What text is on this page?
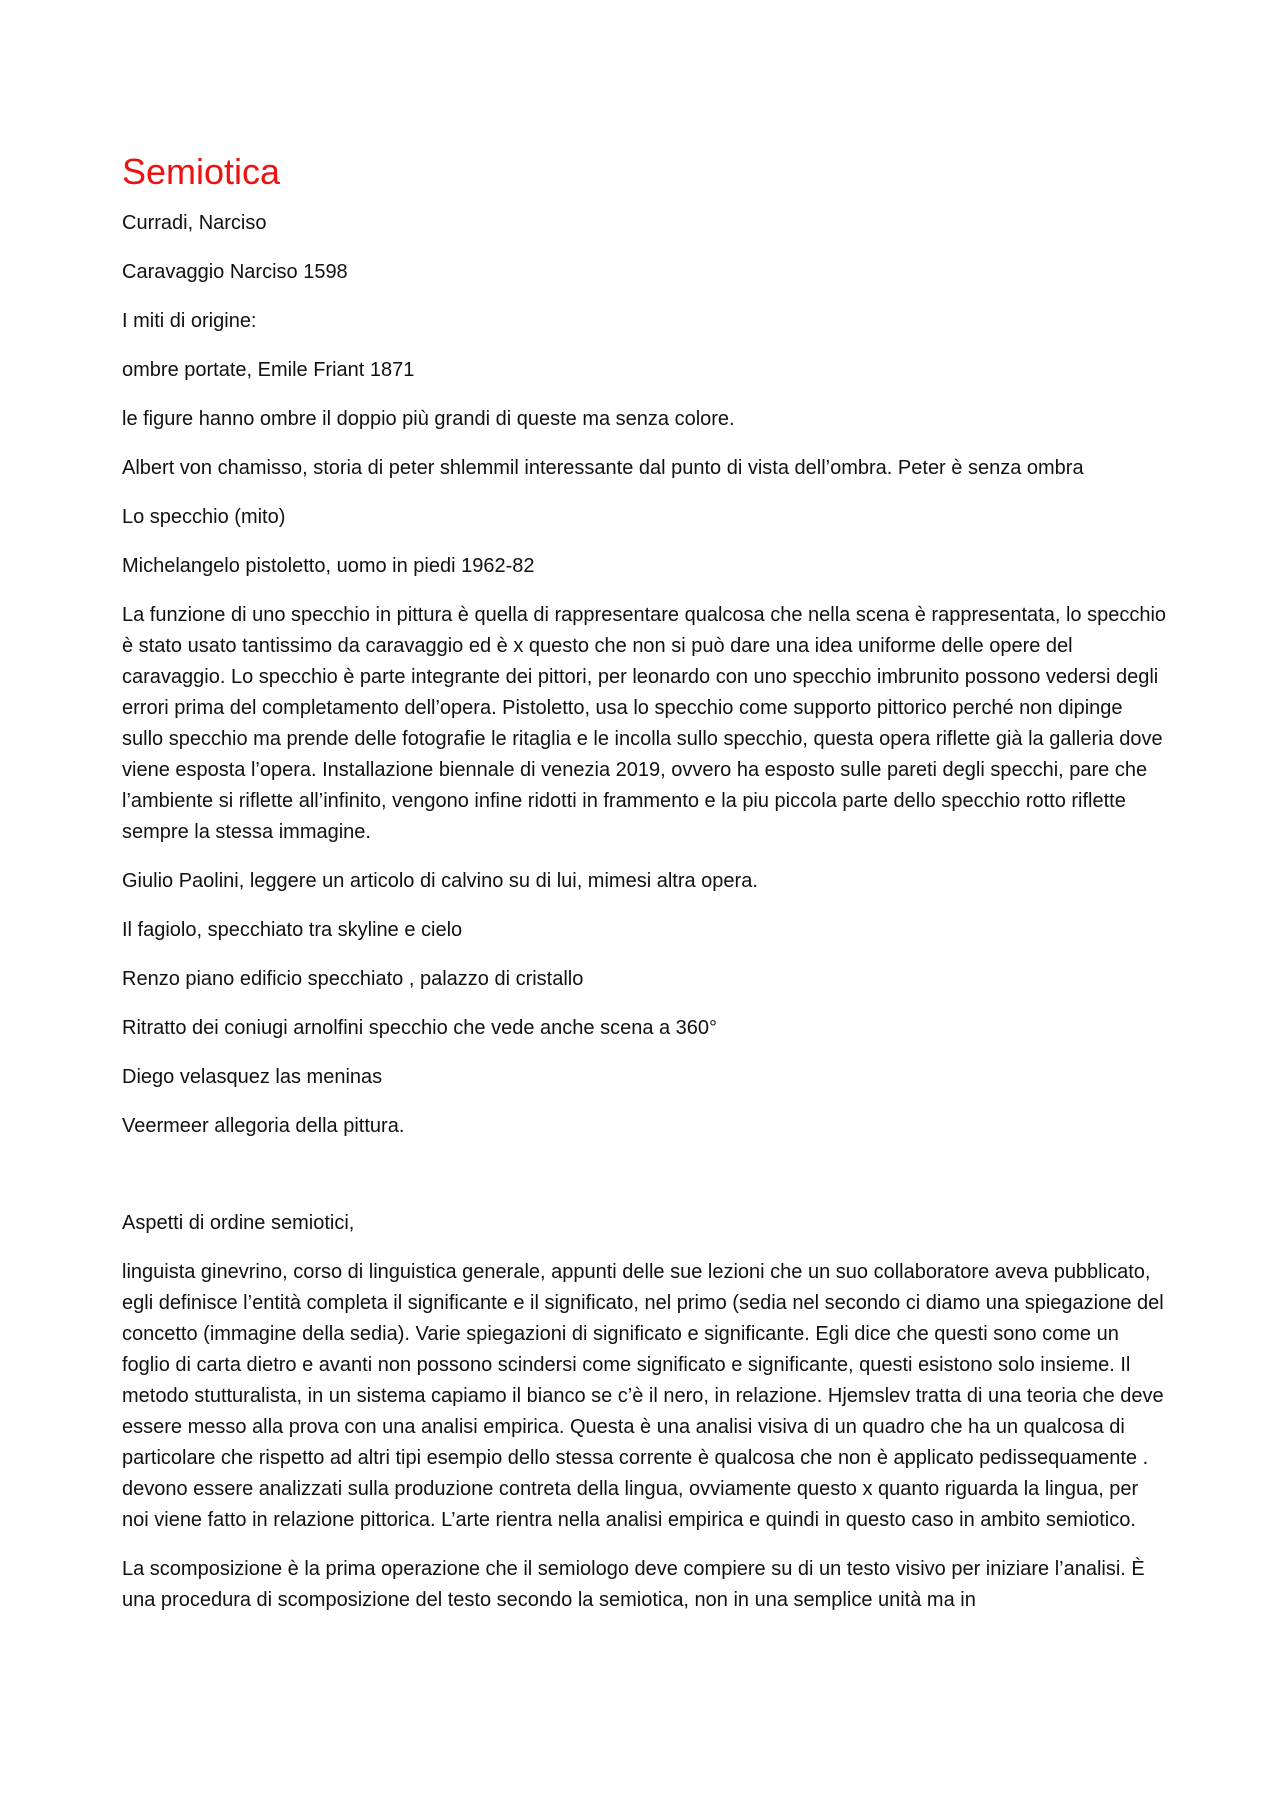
Semiotica

Curradi, Narciso

Caravaggio Narciso 1598

I miti di origine:

ombre portate, Emile Friant 1871

le figure hanno ombre il doppio più grandi di queste ma senza colore.

Albert von chamisso, storia di peter shlemmil interessante dal punto di vista dell’ombra. Peter è senza ombra

Lo specchio (mito)

Michelangelo pistoletto, uomo in piedi 1962-82

La funzione di uno specchio in pittura è quella di rappresentare qualcosa che nella scena è rappresentata, lo specchio è stato usato tantissimo da caravaggio ed è x questo che non si può dare una idea uniforme delle opere del caravaggio. Lo specchio è parte integrante dei pittori, per leonardo con uno specchio imbrunito possono vedersi degli errori prima del completamento dell’opera. Pistoletto, usa lo specchio come supporto pittorico perché non dipinge sullo specchio ma prende delle fotografie le ritaglia e le incolla sullo specchio, questa opera riflette già la galleria dove viene esposta l’opera. Installazione biennale di venezia 2019, ovvero ha esposto sulle pareti degli specchi, pare che l’ambiente si riflette all’infinito, vengono infine ridotti in frammento e la piu piccola parte dello specchio rotto riflette sempre la stessa immagine.

Giulio Paolini, leggere un articolo di calvino su di lui, mimesi altra opera.

Il fagiolo, specchiato tra skyline e cielo

Renzo piano edificio specchiato , palazzo di cristallo

Ritratto dei coniugi arnolfini specchio che vede anche scena a 360°

Diego velasquez las meninas

Veermeer allegoria della pittura.

Aspetti di ordine semiotici,

linguista ginevrino, corso di linguistica generale, appunti delle sue lezioni che un suo collaboratore aveva pubblicato, egli definisce l’entità completa il significante e il significato, nel primo (sedia nel secondo ci diamo una spiegazione del concetto (immagine della sedia). Varie spiegazioni di significato e significante. Egli dice che questi sono come un foglio di carta dietro e avanti non possono scindersi come significato e significante, questi esistono solo insieme. Il metodo stutturalista, in un sistema capiamo il bianco se c’è il nero, in relazione. Hjemslev tratta di una teoria che deve essere messo alla prova con una analisi empirica. Questa è una analisi visiva di un quadro che ha un qualcosa di particolare che rispetto ad altri tipi esempio dello stessa corrente è qualcosa che non è applicato pedissequamente . devono essere analizzati sulla produzione contreta della lingua, ovviamente questo x quanto riguarda la lingua, per noi viene fatto in relazione pittorica. L’arte rientra nella analisi empirica e quindi in questo caso in ambito semiotico.

La scomposizione è la prima operazione che il semiologo deve compiere su di un testo visivo per iniziare l’analisi. È una procedura di scomposizione del testo secondo la semiotica, non in una semplice unità ma in
